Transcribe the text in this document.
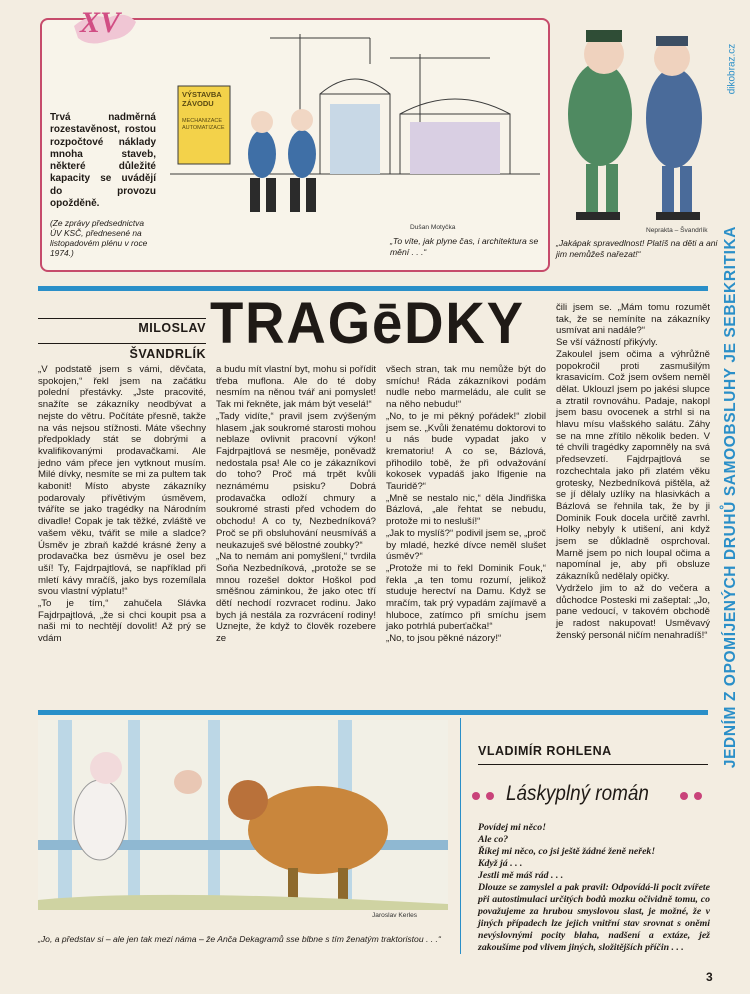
XV
Trvá nadměrná rozestavěnost, rostou rozpočtové náklady mnoha staveb, některé důležité kapacity se uvádějí do provozu opožděně.
(Ze zprávy předsednictva ÚV KSČ, přednesené na listopadovém plénu v roce 1974.)
VÝSTAVBA ZÁVODU
MECHANIZACE AUTOMATIZACE
Dušan Motyčka
„To víte, jak plyne čas, i architektura se mění . . .“
Neprakta – Švandrlík
„Jakápak spravedlnost! Platíš na děti a ani jim nemůžeš nařezat!“	JEDNÍM Z OPOMÍJENÝCH DRUHŮ SAMOOBSLUHY JE SEBEKRITIKA
dikobraz.cz
MILOSLAV
ŠVANDRLÍK TRAGēDKY
„V podstatě jsem s vámi, děvčata, spokojen,“ řekl jsem na začátku polední přestávky. „Jste pracovité, snažíte se zákazníky neodbývat a nejste do větru. Počítáte přesně, takže na vás nejsou stížnosti. Máte všechny předpoklady stát se dobrými a kvalifikovanými prodavačkami. Ale jedno vám přece jen vytknout musím. Milé dívky, nesmíte se mi za pultem tak kabonit! Místo abyste zákazníky podarovaly přívětivým úsměvem, tváříte se jako tragédky na Národním divadle! Copak je tak těžké, zvláště ve vašem věku, tvářit se mile a sladce? Úsměv je zbraň každé krásné ženy a prodavačka bez úsměvu je osel bez uší! Ty, Fajdrpajtlová, se například při mletí kávy mračíš, jako bys rozemílala svou vlastní výplatu!“
„To je tím,“ zahučela Slávka Fajdrpajtlová, „že si chci koupit psa a naši mi to nechtějí dovolit! Až prý se vdám
a budu mít vlastní byt, mohu si pořídit třeba muflona. Ale do té doby nesmím na něnou tvář ani pomyslet! Tak mi řekněte, jak mám být veselá!“
„Tady vidíte,“ pravil jsem zvýšeným hlasem „jak soukromé starosti mohou neblaze ovlivnit pracovní výkon! Fajdrpajtlová se nesměje, poněvadž nedostala psa! Ale co je zákazníkovi do toho? Proč má trpět kvůli neznámému psisku? Dobrá prodavačka odloží chmury a soukromé strasti před vchodem do obchodu! A co ty, Nezbedníková? Proč se při obsluhování neusmíváš a neukazuješ své bělostné zoubky?“
„Na to nemám ani pomyšlení,“ tvrdila Soňa Nezbedníková, „protože se se mnou rozešel doktor Hoškol pod směšnou záminkou, že jako otec tří dětí nechodí rozvracet rodinu. Jako bych já nestála za rozvrácení rodiny! Uznejte, že když to člověk rozebere ze
všech stran, tak mu nemůže být do smíchu! Ráda zákazníkovi podám nudle nebo marmeládu, ale culit se na něho nebudu!“
„No, to je mi pěkný pořádek!“ zlobil jsem se. „Kvůli ženatému doktorovi to u nás bude vypadat jako v krematoriu! A co se, Bázlová, přihodilo tobě, že při odvažování kokosek vypadáš jako Ifigenie na Tauridě?“
„Mně se nestalo nic,“ děla Jindřiška Bázlová, „ale řehtat se nebudu, protože mi to nesluší!“
„Jak to myslíš?“ podivil jsem se, „proč by mladé, hezké dívce neměl slušet úsměv?“
„Protože mi to řekl Dominik Fouk,“ řekla „a ten tomu rozumí, jelikož studuje herectví na Damu. Když se mračím, tak prý vypadám zajímavě a hluboce, zatímco při smíchu jsem jako potrhlá puberťačka!“
„No, to jsou pěkné názory!“
čili jsem se. „Mám tomu rozumět tak, že se nemíníte na zákazníky usmívat ani nadále?“
Se vší vážností přikývly.
Zakoulel jsem očima a výhrůžně popokročil proti zasmušilým krasavicím. Což jsem ovšem neměl dělat. Uklouzl jsem po jakési slupce a ztratil rovnováhu. Padaje, nakopl jsem basu ovocenek a strhl si na hlavu mísu vlašského salátu. Záhy se na mne zřítilo několik beden. V té chvíli tragédky zapomněly na svá předsevzetí. Fajdrpajtlová se rozchechtala jako při zlatém věku grotesky, Nezbedníková pištěla, až se jí dělaly uzlíky na hlasivkách a Bázlová se řehnila tak, že by ji Dominik Fouk docela určitě zavrhl. Holky nebyly k utišení, ani když jsem se důkladně osprchoval. Marně jsem po nich loupal očima a napomínal je, aby při obsluze zákazníků nedělaly opičky.
Vydrželo jim to až do večera a důchodce Posteski mi zašeptal: „Jo, pane vedoucí, v takovém obchodě je radost nakupovat! Usměvavý ženský personál ničím nenahradíš!“
Jaroslav Kerles
„Jo, a představ si – ale jen tak mezi náma – že Anča Dekagramů sse blbne s tím ženatým traktoristou . . .“
VLADIMÍR ROHLENA
Láskyplný román
Povídej mi něco!
Ale co?
Říkej mi něco, co jsi ještě žádné ženě neřek!
Když já . . .
Jestli mě máš rád . . .
Dlouze se zamyslel a pak pravil: Odpovídá-li pocit zvířete při autostimulaci určitých bodů mozku očividně tomu, co považujeme za hrubou smyslovou slast, je možné, že v jiných případech lze jejich vnitřní stav srovnat s oněmi nevýslovnými pocity blaha, nadšení a extáze, jež zakoušíme pod vlivem jiných, složitějších příčin . . .
3
